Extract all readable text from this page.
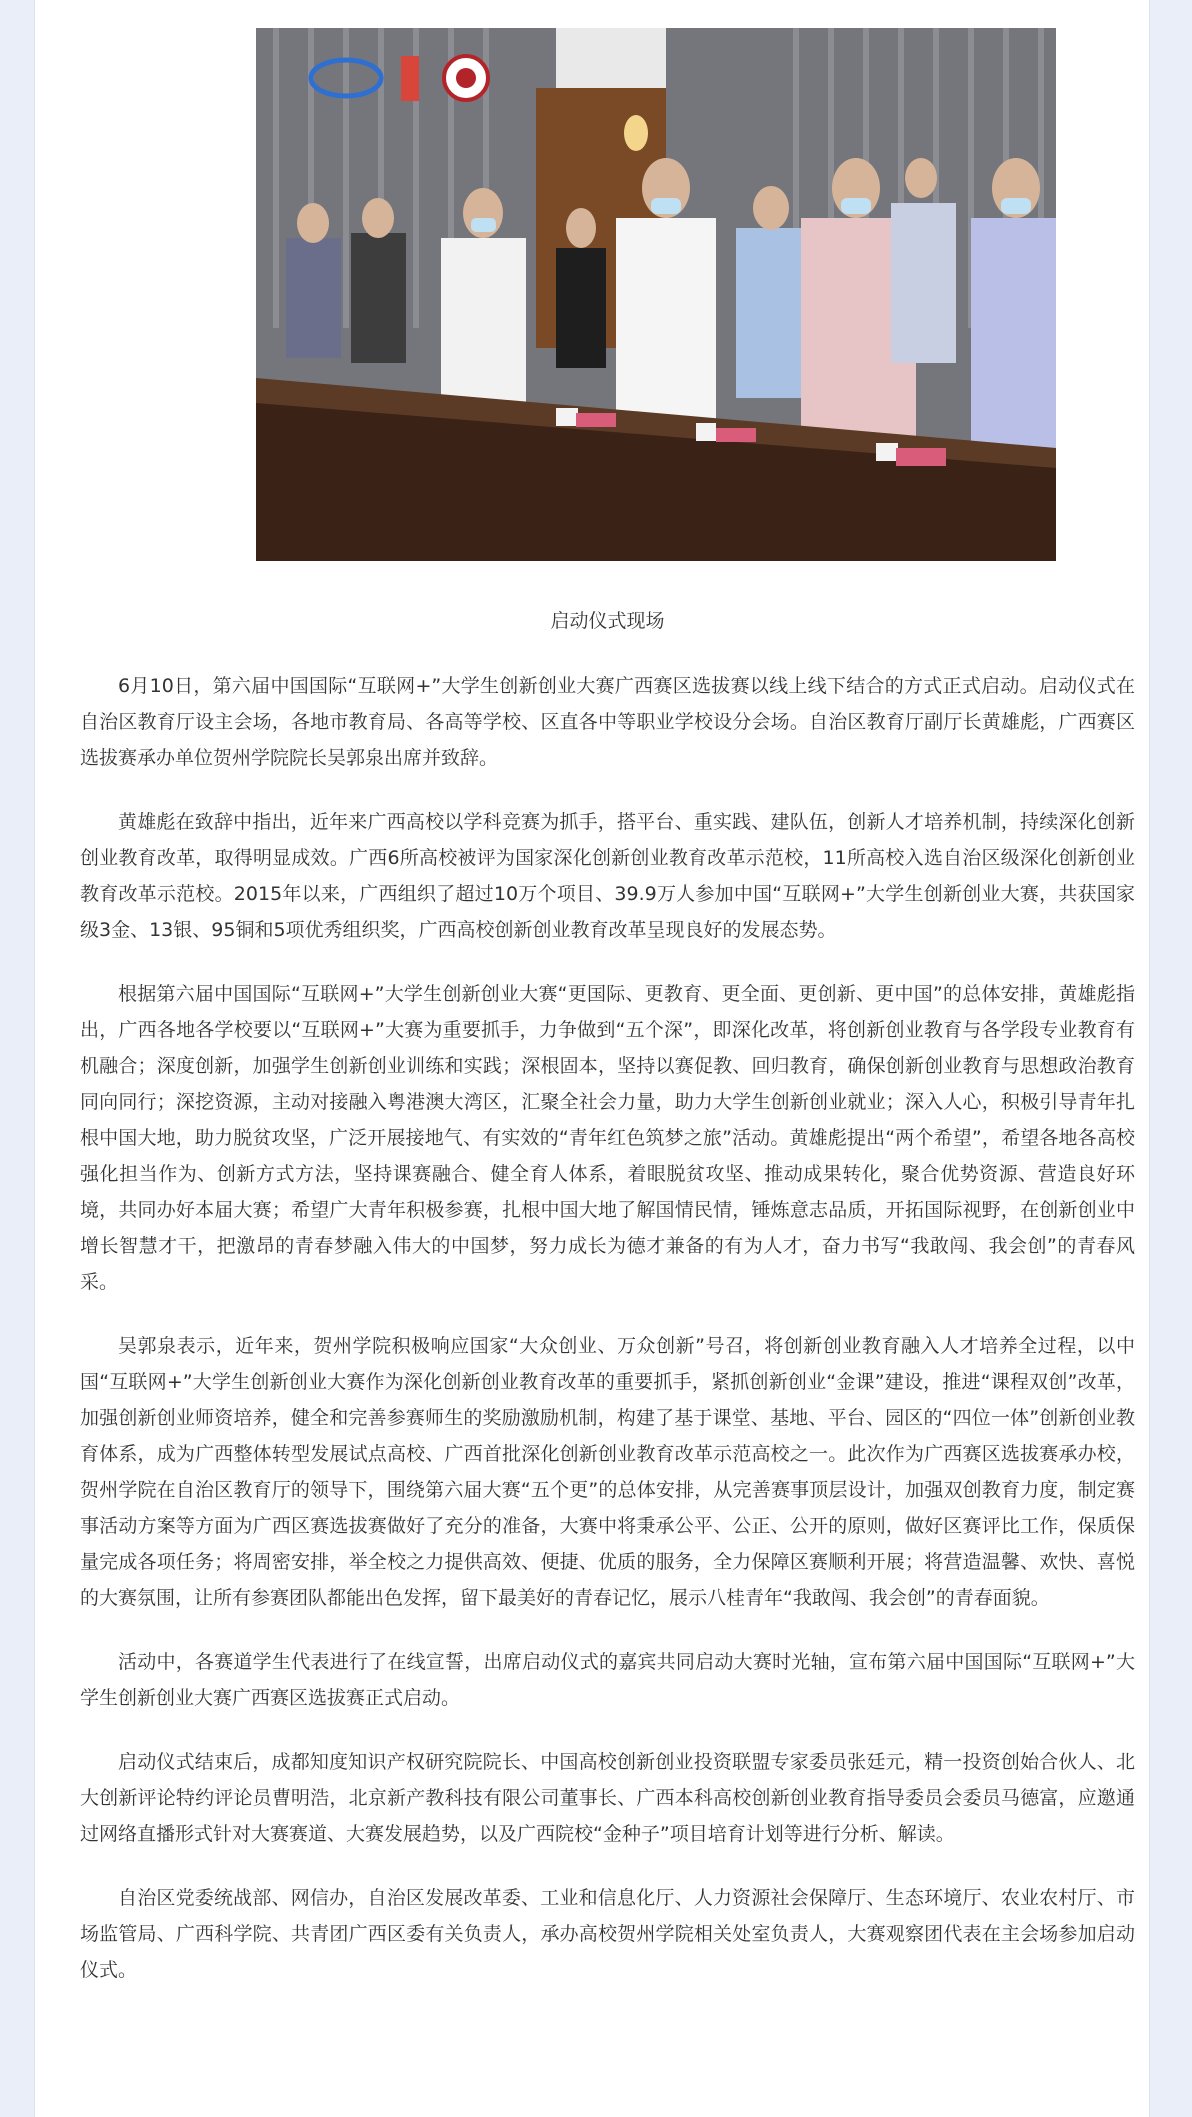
启动仪式现场

6月10日，第六届中国国际“互联网+”大学生创新创业大赛广西赛区选拔赛以线上线下结合的方式正式启动。启动仪式在自治区教育厅设主会场，各地市教育局、各高等学校、区直各中等职业学校设分会场。自治区教育厅副厅长黄雄彪，广西赛区选拔赛承办单位贺州学院院长吴郭泉出席并致辞。

黄雄彪在致辞中指出，近年来广西高校以学科竞赛为抓手，搭平台、重实践、建队伍，创新人才培养机制，持续深化创新创业教育改革，取得明显成效。广西6所高校被评为国家深化创新创业教育改革示范校，11所高校入选自治区级深化创新创业教育改革示范校。2015年以来，广西组织了超过10万个项目、39.9万人参加中国“互联网+”大学生创新创业大赛，共获国家级3金、13银、95铜和5项优秀组织奖，广西高校创新创业教育改革呈现良好的发展态势。

根据第六届中国国际“互联网+”大学生创新创业大赛“更国际、更教育、更全面、更创新、更中国”的总体安排，黄雄彪指出，广西各地各学校要以“互联网+”大赛为重要抓手，力争做到“五个深”，即深化改革，将创新创业教育与各学段专业教育有机融合；深度创新，加强学生创新创业训练和实践；深根固本，坚持以赛促教、回归教育，确保创新创业教育与思想政治教育同向同行；深挖资源，主动对接融入粤港澳大湾区，汇聚全社会力量，助力大学生创新创业就业；深入人心，积极引导青年扎根中国大地，助力脱贫攻坚，广泛开展接地气、有实效的“青年红色筑梦之旅”活动。黄雄彪提出“两个希望”，希望各地各高校强化担当作为、创新方式方法，坚持课赛融合、健全育人体系，着眼脱贫攻坚、推动成果转化，聚合优势资源、营造良好环境，共同办好本届大赛；希望广大青年积极参赛，扎根中国大地了解国情民情，锤炼意志品质，开拓国际视野，在创新创业中增长智慧才干，把激昂的青春梦融入伟大的中国梦，努力成长为德才兼备的有为人才，奋力书写“我敢闯、我会创”的青春风采。

吴郭泉表示，近年来，贺州学院积极响应国家“大众创业、万众创新”号召，将创新创业教育融入人才培养全过程，以中国“互联网+”大学生创新创业大赛作为深化创新创业教育改革的重要抓手，紧抓创新创业“金课”建设，推进“课程双创”改革，加强创新创业师资培养，健全和完善参赛师生的奖励激励机制，构建了基于课堂、基地、平台、园区的“四位一体”创新创业教育体系，成为广西整体转型发展试点高校、广西首批深化创新创业教育改革示范高校之一。此次作为广西赛区选拔赛承办校，贺州学院在自治区教育厅的领导下，围绕第六届大赛“五个更”的总体安排，从完善赛事顶层设计，加强双创教育力度，制定赛事活动方案等方面为广西区赛选拔赛做好了充分的准备，大赛中将秉承公平、公正、公开的原则，做好区赛评比工作，保质保量完成各项任务；将周密安排，举全校之力提供高效、便捷、优质的服务，全力保障区赛顺利开展；将营造温馨、欢快、喜悦的大赛氛围，让所有参赛团队都能出色发挥，留下最美好的青春记忆，展示八桂青年“我敢闯、我会创”的青春面貌。

活动中，各赛道学生代表进行了在线宣誓，出席启动仪式的嘉宾共同启动大赛时光轴，宣布第六届中国国际“互联网+”大学生创新创业大赛广西赛区选拔赛正式启动。

启动仪式结束后，成都知度知识产权研究院院长、中国高校创新创业投资联盟专家委员张廷元，精一投资创始合伙人、北大创新评论特约评论员曹明浩，北京新产教科技有限公司董事长、广西本科高校创新创业教育指导委员会委员马德富，应邀通过网络直播形式针对大赛赛道、大赛发展趋势，以及广西院校“金种子”项目培育计划等进行分析、解读。

自治区党委统战部、网信办，自治区发展改革委、工业和信息化厅、人力资源社会保障厅、生态环境厅、农业农村厅、市场监管局、广西科学院、共青团广西区委有关负责人，承办高校贺州学院相关处室负责人，大赛观察团代表在主会场参加启动仪式。
